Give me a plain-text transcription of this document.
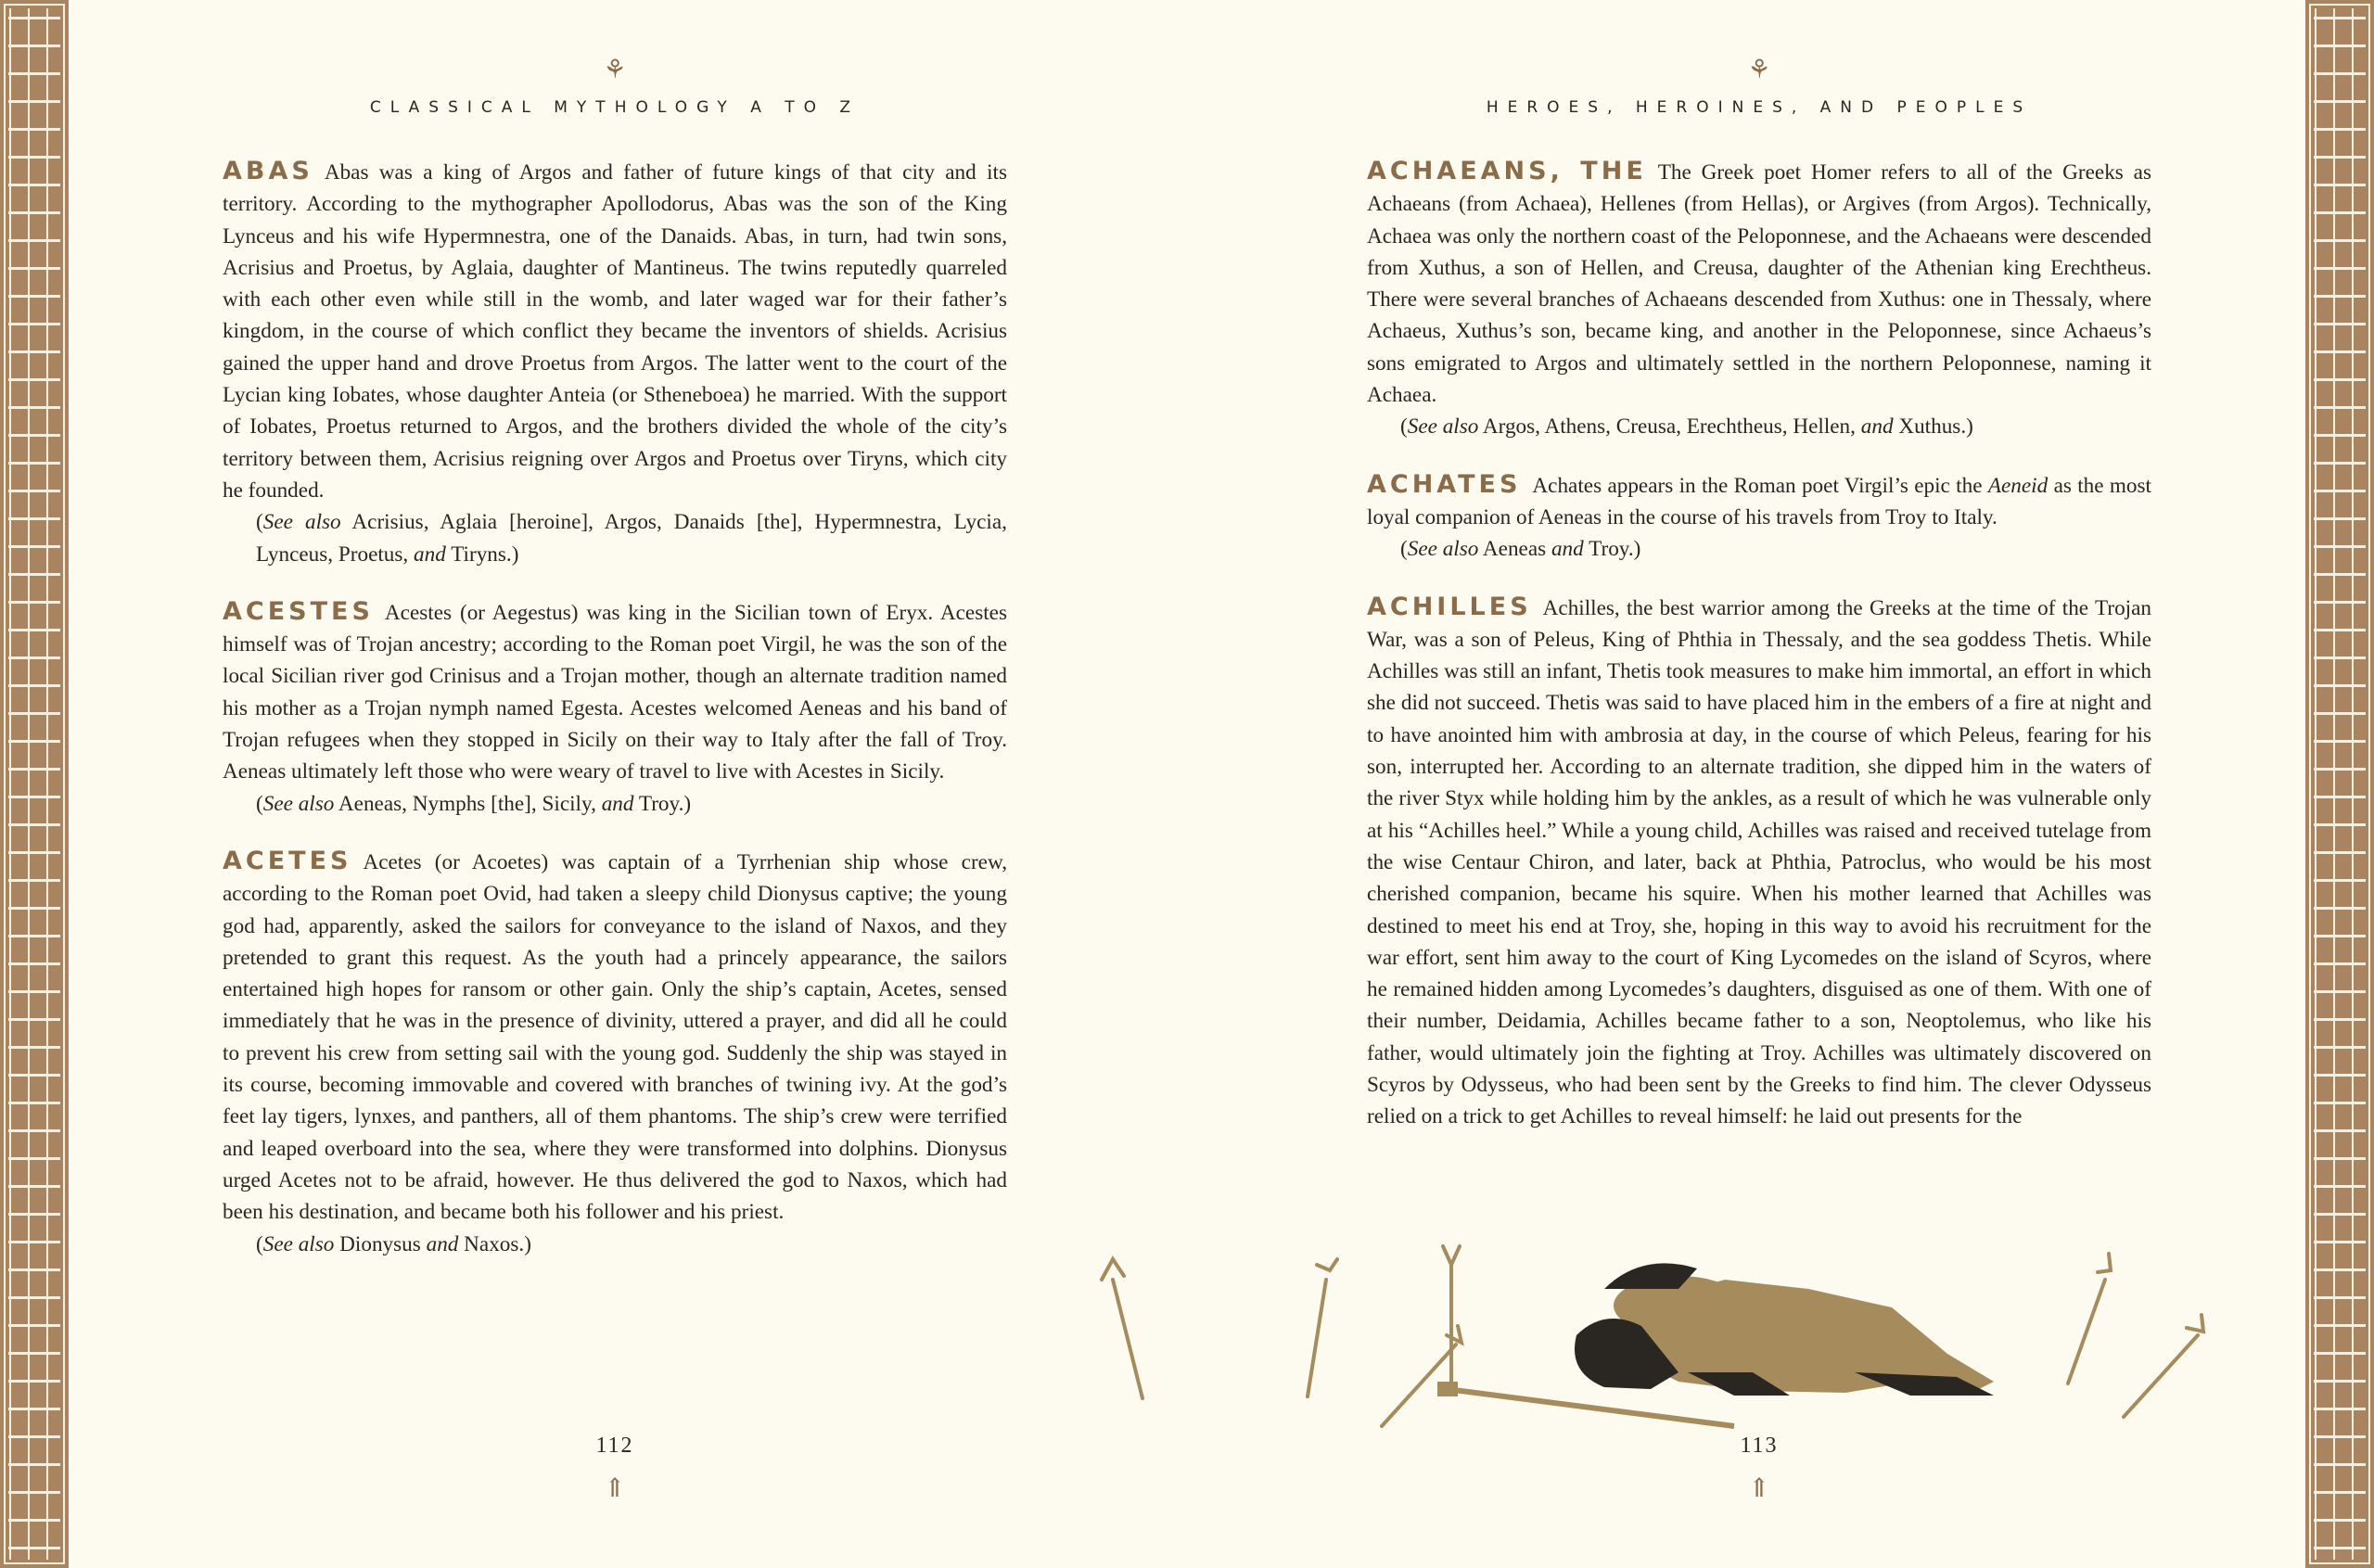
⚘
CLASSICAL MYTHOLOGY A TO Z

ABAS Abas was a king of Argos and father of future kings of that city and its territory. According to the mythographer Apollodorus, Abas was the son of the King Lynceus and his wife Hypermnestra, one of the Danaids. Abas, in turn, had twin sons, Acrisius and Proetus, by Aglaia, daughter of Mantineus. The twins reputedly quarreled with each other even while still in the womb, and later waged war for their father’s kingdom, in the course of which conflict they became the inventors of shields. Acrisius gained the upper hand and drove Proetus from Argos. The latter went to the court of the Lycian king Iobates, whose daughter Anteia (or Stheneboea) he married. With the support of Iobates, Proetus returned to Argos, and the brothers divided the whole of the city’s territory between them, Acrisius reigning over Argos and Proetus over Tiryns, which city he founded.

(See also Acrisius, Aglaia [heroine], Argos, Danaids [the], Hypermnestra, Lycia, Lynceus, Proetus, and Tiryns.)

ACESTES Acestes (or Aegestus) was king in the Sicilian town of Eryx. Acestes himself was of Trojan ancestry; according to the Roman poet Virgil, he was the son of the local Sicilian river god Crinisus and a Trojan mother, though an alternate tradition named his mother as a Trojan nymph named Egesta. Acestes welcomed Aeneas and his band of Trojan refugees when they stopped in Sicily on their way to Italy after the fall of Troy. Aeneas ultimately left those who were weary of travel to live with Acestes in Sicily.

(See also Aeneas, Nymphs [the], Sicily, and Troy.)

ACETES Acetes (or Acoetes) was captain of a Tyrrhenian ship whose crew, according to the Roman poet Ovid, had taken a sleepy child Dionysus captive; the young god had, apparently, asked the sailors for conveyance to the island of Naxos, and they pretended to grant this request. As the youth had a princely appearance, the sailors entertained high hopes for ransom or other gain. Only the ship’s captain, Acetes, sensed immediately that he was in the presence of divinity, uttered a prayer, and did all he could to prevent his crew from setting sail with the young god. Suddenly the ship was stayed in its course, becoming immovable and covered with branches of twining ivy. At the god’s feet lay tigers, lynxes, and panthers, all of them phantoms. The ship’s crew were terrified and leaped overboard into the sea, where they were transformed into dolphins. Dionysus urged Acetes not to be afraid, however. He thus delivered the god to Naxos, which had been his destination, and became both his follower and his priest.

(See also Dionysus and Naxos.)

112
⇑
⚘
HEROES, HEROINES, AND PEOPLES

ACHAEANS, THE The Greek poet Homer refers to all of the Greeks as Achaeans (from Achaea), Hellenes (from Hellas), or Argives (from Argos). Technically, Achaea was only the northern coast of the Peloponnese, and the Achaeans were descended from Xuthus, a son of Hellen, and Creusa, daughter of the Athenian king Erechtheus. There were several branches of Achaeans descended from Xuthus: one in Thessaly, where Achaeus, Xuthus’s son, became king, and another in the Peloponnese, since Achaeus’s sons emigrated to Argos and ultimately settled in the northern Peloponnese, naming it Achaea.

(See also Argos, Athens, Creusa, Erechtheus, Hellen, and Xuthus.)

ACHATES Achates appears in the Roman poet Virgil’s epic the Aeneid as the most loyal companion of Aeneas in the course of his travels from Troy to Italy.

(See also Aeneas and Troy.)

ACHILLES Achilles, the best warrior among the Greeks at the time of the Trojan War, was a son of Peleus, King of Phthia in Thessaly, and the sea goddess Thetis. While Achilles was still an infant, Thetis took measures to make him immortal, an effort in which she did not succeed. Thetis was said to have placed him in the embers of a fire at night and to have anointed him with ambrosia at day, in the course of which Peleus, fearing for his son, interrupted her. According to an alternate tradition, she dipped him in the waters of the river Styx while holding him by the ankles, as a result of which he was vulnerable only at his “Achilles heel.” While a young child, Achilles was raised and received tutelage from the wise Centaur Chiron, and later, back at Phthia, Patroclus, who would be his most cherished companion, became his squire. When his mother learned that Achilles was destined to meet his end at Troy, she, hoping in this way to avoid his recruitment for the war effort, sent him away to the court of King Lycomedes on the island of Scyros, where he remained hidden among Lycomedes’s daughters, disguised as one of them. With one of their number, Deidamia, Achilles became father to a son, Neoptolemus, who like his father, would ultimately join the fighting at Troy. Achilles was ultimately discovered on Scyros by Odysseus, who had been sent by the Greeks to find him. The clever Odysseus relied on a trick to get Achilles to reveal himself: he laid out presents for the

113
⇑
